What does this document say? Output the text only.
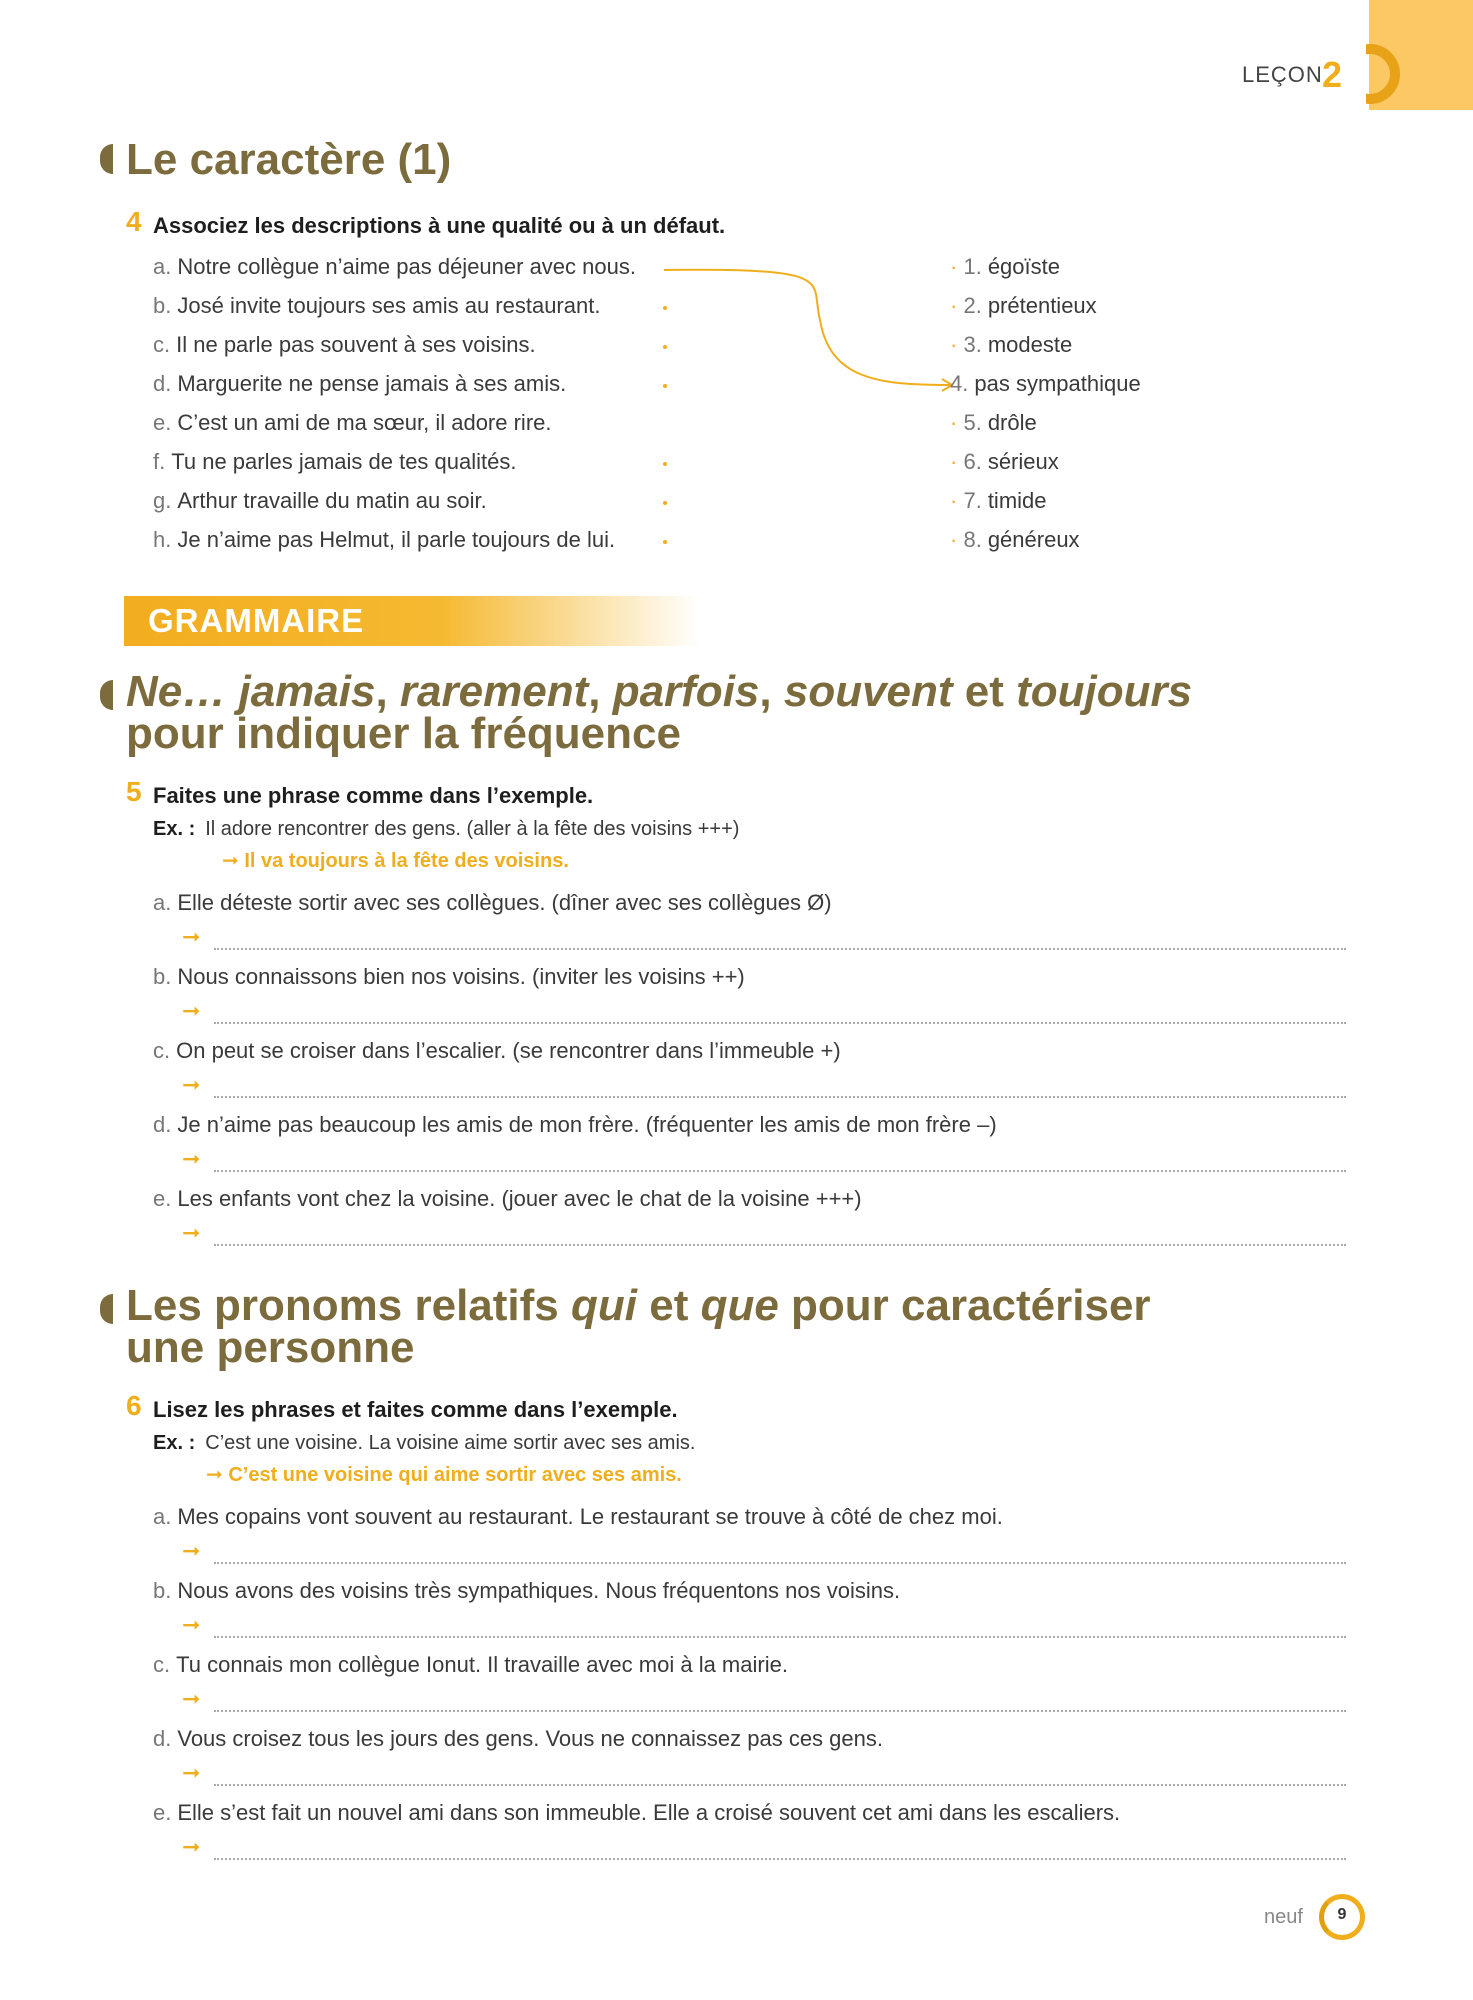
LEÇON 2
Le caractère (1)
4 Associez les descriptions à une qualité ou à un défaut.
a. Notre collègue n’aime pas déjeuner avec nous.
b. José invite toujours ses amis au restaurant.
c. Il ne parle pas souvent à ses voisins.
d. Marguerite ne pense jamais à ses amis.
e. C’est un ami de ma sœur, il adore rire.
f. Tu ne parles jamais de tes qualités.
g. Arthur travaille du matin au soir.
h. Je n’aime pas Helmut, il parle toujours de lui.
· 1. égoïste
· 2. prétentieux
· 3. modeste
4. pas sympathique
· 5. drôle
· 6. sérieux
· 7. timide
· 8. généreux
GRAMMAIRE
Ne… jamais, rarement, parfois, souvent et toujours
pour indiquer la fréquence
5 Faites une phrase comme dans l’exemple.
Ex. : Il adore rencontrer des gens. (aller à la fête des voisins +++)
➞ Il va toujours à la fête des voisins.
a. Elle déteste sortir avec ses collègues. (dîner avec ses collègues Ø)
➞
b. Nous connaissons bien nos voisins. (inviter les voisins ++)
➞
c. On peut se croiser dans l’escalier. (se rencontrer dans l’immeuble +)
➞
d. Je n’aime pas beaucoup les amis de mon frère. (fréquenter les amis de mon frère –)
➞
e. Les enfants vont chez la voisine. (jouer avec le chat de la voisine +++)
➞
Les pronoms relatifs qui et que pour caractériser
une personne
6 Lisez les phrases et faites comme dans l’exemple.
Ex. : C’est une voisine. La voisine aime sortir avec ses amis.
➞ C’est une voisine qui aime sortir avec ses amis.
a. Mes copains vont souvent au restaurant. Le restaurant se trouve à côté de chez moi.
➞
b. Nous avons des voisins très sympathiques. Nous fréquentons nos voisins.
➞
c. Tu connais mon collègue Ionut. Il travaille avec moi à la mairie.
➞
d. Vous croisez tous les jours des gens. Vous ne connaissez pas ces gens.
➞
e. Elle s’est fait un nouvel ami dans son immeuble. Elle a croisé souvent cet ami dans les escaliers.
➞
neuf	9
